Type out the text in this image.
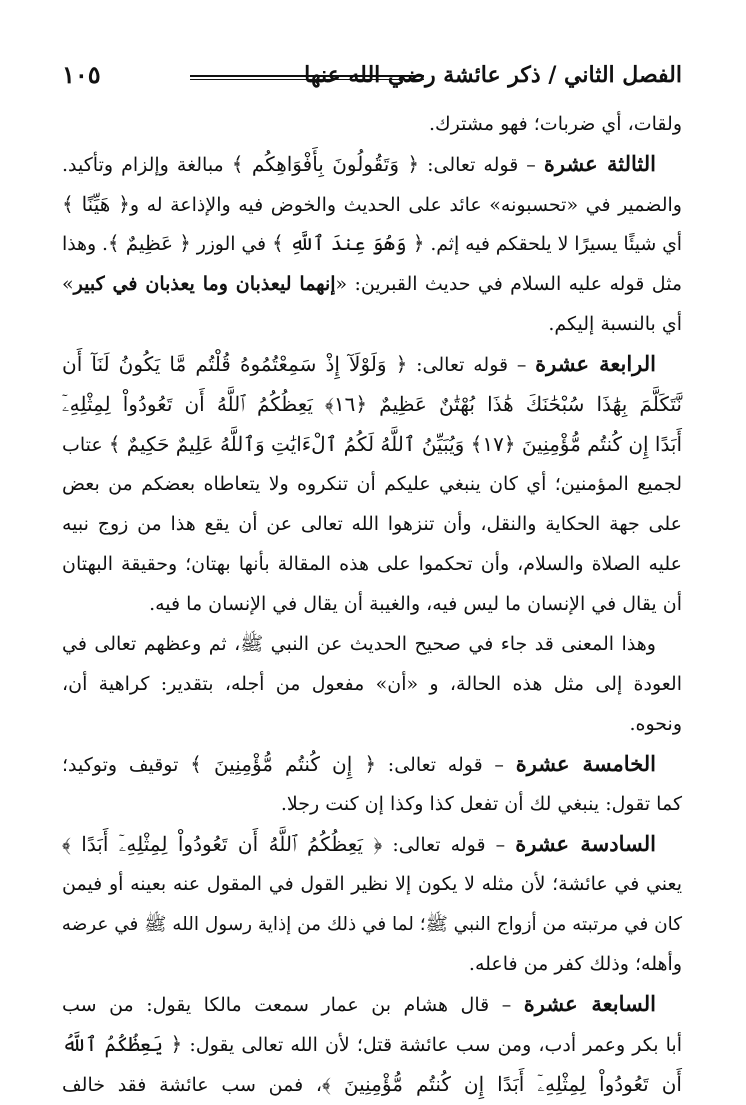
الفصل الثاني / ذكر عائشة رضي الله عنها
١٠٥
ولقات، أي ضربات؛ فهو مشترك.
الثالثة عشرة – قوله تعالى: ﴿ وَتَقُولُونَ بِأَفْوَاهِكُم ﴾ مبالغة وإلزام وتأكيد.
والضمير في «تحسبونه» عائد على الحديث والخوض فيه والإذاعة له و﴿ هَيِّنًا ﴾
أي شيئًا يسيرًا لا يلحقكم فيه إثم. ﴿ وَهُوَ عِندَ ٱللَّهِ ﴾ في الوزر ﴿ عَظِيمٌ ﴾. وهذا
مثل قوله عليه السلام في حديث القبرين: «إنهما ليعذبان وما يعذبان في كبير»
أي بالنسبة إليكم.
الرابعة عشرة – قوله تعالى: ﴿ وَلَوْلَآ إِذْ سَمِعْتُمُوهُ قُلْتُم مَّا يَكُونُ لَنَآ أَن
نَّتَكَلَّمَ بِهَٰذَا سُبْحَٰنَكَ هَٰذَا بُهْتَٰنٌ عَظِيمٌ ﴿١٦﴾ يَعِظُكُمُ ٱللَّهُ أَن تَعُودُواْ لِمِثْلِهِۦٓ
أَبَدًا إِن كُنتُم مُّؤْمِنِينَ ﴿١٧﴾ وَيُبَيِّنُ ٱللَّهُ لَكُمُ ٱلْءَايَٰتِ وَٱللَّهُ عَلِيمٌ حَكِيمٌ ﴾ عتاب
لجميع المؤمنين؛ أي كان ينبغي عليكم أن تنكروه ولا يتعاطاه بعضكم من بعض
على جهة الحكاية والنقل، وأن تنزهوا الله تعالى عن أن يقع هذا من زوج نبيه
عليه الصلاة والسلام، وأن تحكموا على هذه المقالة بأنها بهتان؛ وحقيقة البهتان
أن يقال في الإنسان ما ليس فيه، والغيبة أن يقال في الإنسان ما فيه.
وهذا المعنى قد جاء في صحيح الحديث عن النبي ﷺ، ثم وعظهم تعالى في
العودة إلى مثل هذه الحالة، و «أن» مفعول من أجله، بتقدير: كراهية أن،
ونحوه.
الخامسة عشرة – قوله تعالى: ﴿ إِن كُنتُم مُّؤْمِنِينَ ﴾ توقيف وتوكيد؛
كما تقول: ينبغي لك أن تفعل كذا وكذا إن كنت رجلا.
السادسة عشرة – قوله تعالى: ﴿ يَعِظُكُمُ ٱللَّهُ أَن تَعُودُواْ لِمِثْلِهِۦٓ أَبَدًا ﴾
يعني في عائشة؛ لأن مثله لا يكون إلا نظير القول في المقول عنه بعينه أو فيمن
كان في مرتبته من أزواج النبي ﷺ؛ لما في ذلك من إذاية رسول الله ﷺ في عرضه
وأهله؛ وذلك كفر من فاعله.
السابعة عشرة – قال هشام بن عمار سمعت مالكا يقول: من سب
أبا بكر وعمر أدب، ومن سب عائشة قتل؛ لأن الله تعالى يقول: ﴿ يَعِظُكُمُ ٱللَّهُ
أَن تَعُودُواْ لِمِثْلِهِۦٓ أَبَدًا إِن كُنتُم مُّؤْمِنِينَ ﴾، فمن سب عائشة فقد خالف
